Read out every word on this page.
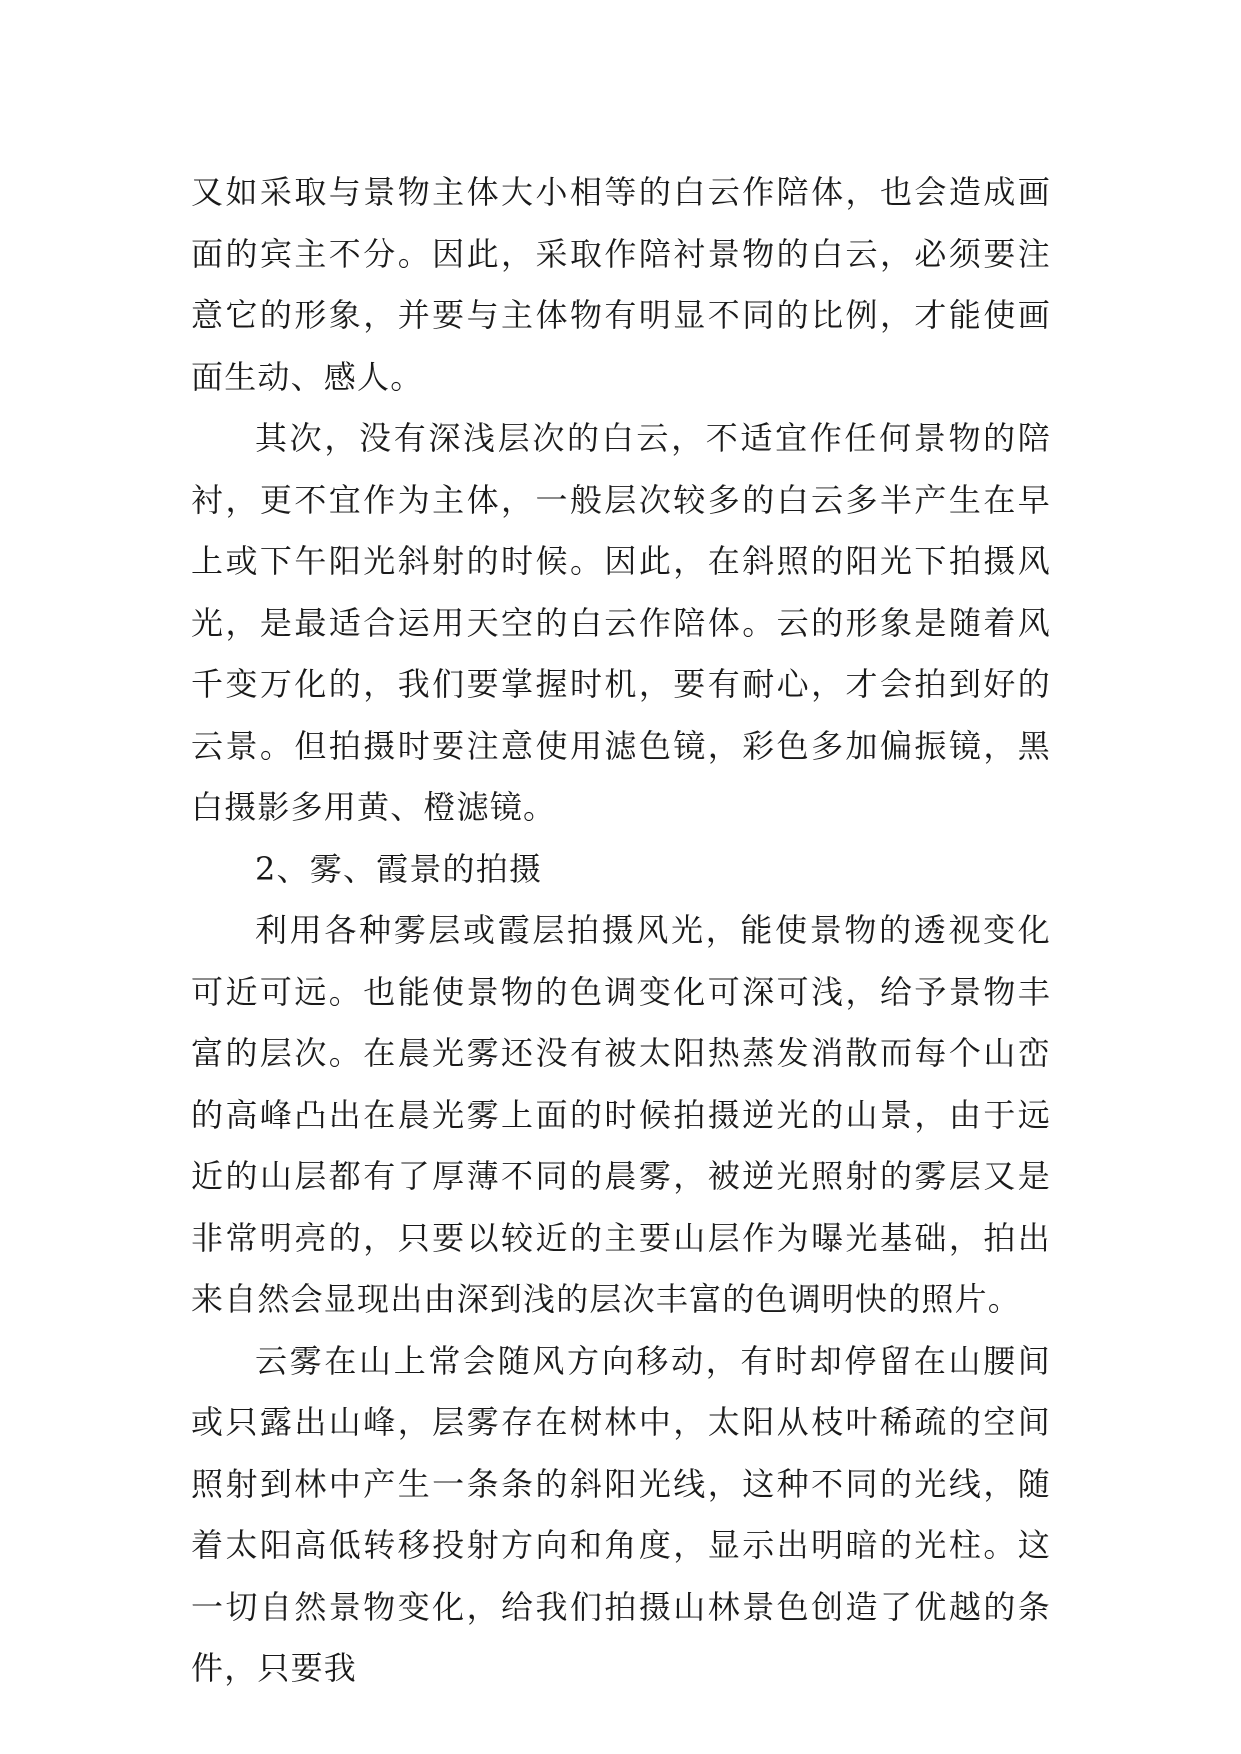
又如采取与景物主体大小相等的白云作陪体，也会造成画面的宾主不分。因此，采取作陪衬景物的白云，必须要注意它的形象，并要与主体物有明显不同的比例，才能使画面生动、感人。

其次，没有深浅层次的白云，不适宜作任何景物的陪衬，更不宜作为主体，一般层次较多的白云多半产生在早上或下午阳光斜射的时候。因此，在斜照的阳光下拍摄风光，是最适合运用天空的白云作陪体。云的形象是随着风千变万化的，我们要掌握时机，要有耐心，才会拍到好的云景。但拍摄时要注意使用滤色镜，彩色多加偏振镜，黑白摄影多用黄、橙滤镜。

2、雾、霞景的拍摄

利用各种雾层或霞层拍摄风光，能使景物的透视变化可近可远。也能使景物的色调变化可深可浅，给予景物丰富的层次。在晨光雾还没有被太阳热蒸发消散而每个山峦的高峰凸出在晨光雾上面的时候拍摄逆光的山景，由于远近的山层都有了厚薄不同的晨雾，被逆光照射的雾层又是非常明亮的，只要以较近的主要山层作为曝光基础，拍出来自然会显现出由深到浅的层次丰富的色调明快的照片。

云雾在山上常会随风方向移动，有时却停留在山腰间或只露出山峰，层雾存在树林中，太阳从枝叶稀疏的空间照射到林中产生一条条的斜阳光线，这种不同的光线，随着太阳高低转移投射方向和角度，显示出明暗的光柱。这一切自然景物变化，给我们拍摄山林景色创造了优越的条件，只要我
